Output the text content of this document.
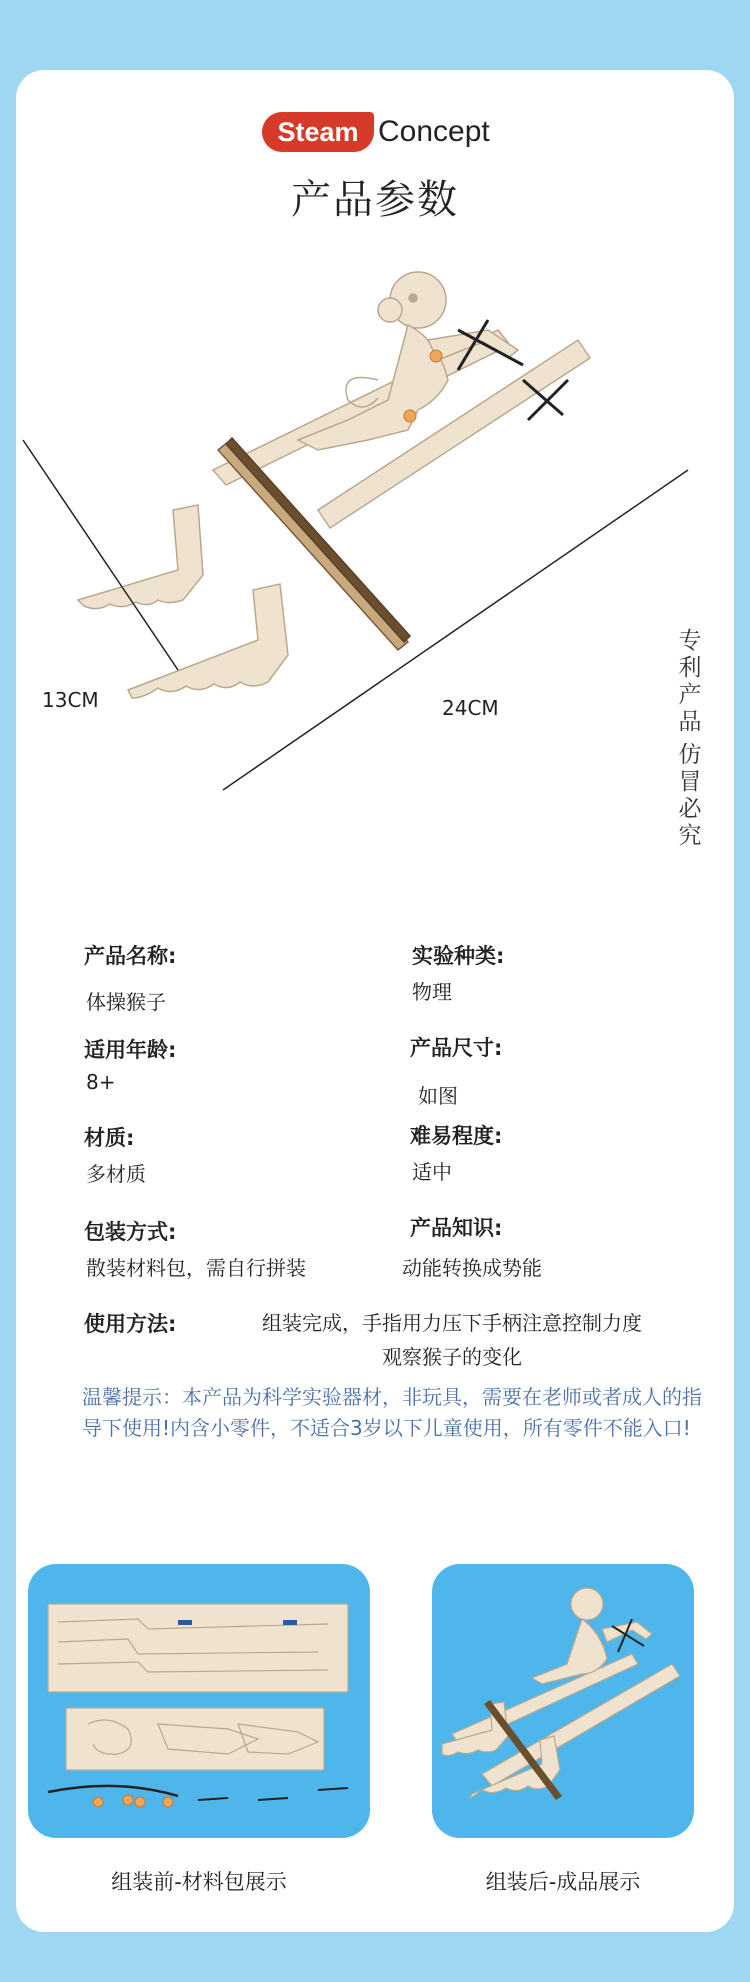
Steam Concept
产品参数
13CM	24CM
专
利
产
品
仿
冒
必
究
产品名称:
体操猴子
实验种类:
物理
适用年龄:
8+
产品尺寸:
如图
材质:
多材质
难易程度:
适中
包装方式:
散装材料包，需自行拼装
产品知识:
动能转换成势能
使用方法:	组装完成，手指用力压下手柄注意控制力度
观察猴子的变化
温馨提示：本产品为科学实验器材，非玩具，需要在老师或者成人的指导下使用!内含小零件，不适合3岁以下儿童使用，所有零件不能入口!
组装前-材料包展示	组装后-成品展示
